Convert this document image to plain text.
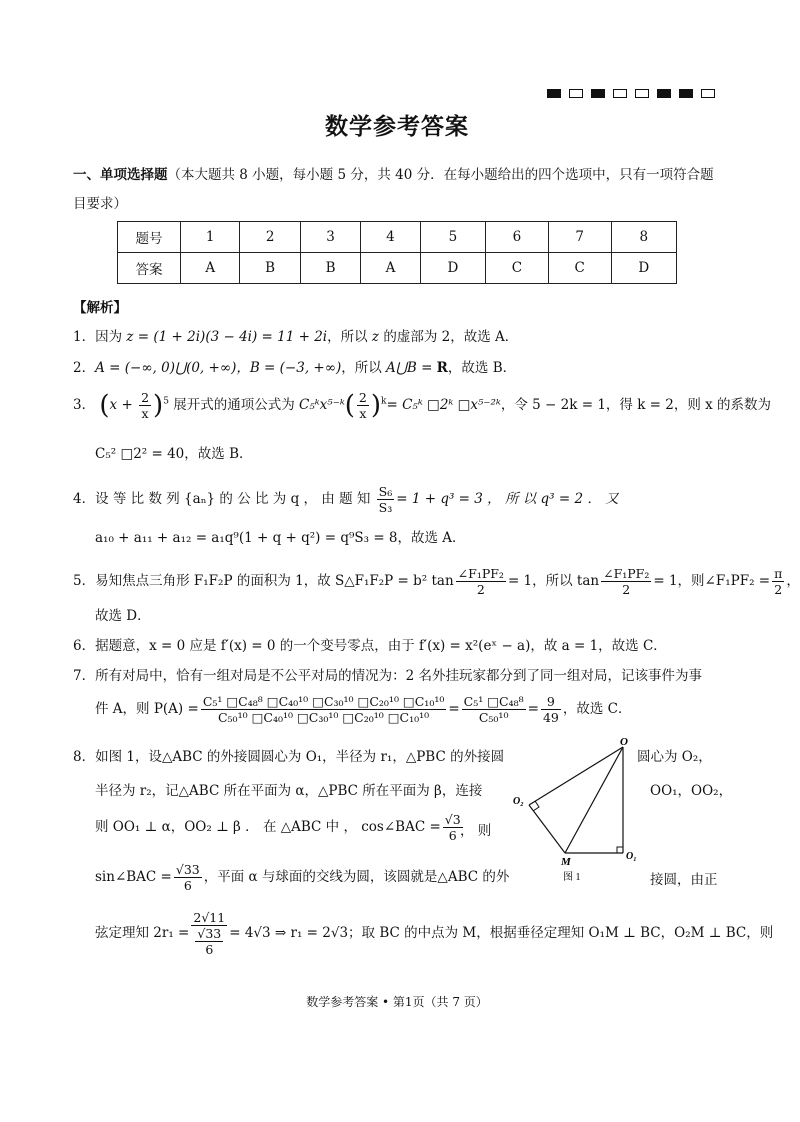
数学参考答案
一、单项选择题（本大题共 8 小题，每小题 5 分，共 40 分．在每小题给出的四个选项中，只有一项符合题目要求）
题号	1	2	3	4	5	6	7	8
答案	A	B	B	A	D	C	C	D
【解析】
1．因为 z = (1 + 2i)(3 − 4i) = 11 + 2i，所以 z 的虚部为 2，故选 A．
2．A = (−∞, 0)⋃(0, +∞)，B = (−3, +∞)，所以 A⋃B = R，故选 B．
3． $(x + \frac{2}{x} )^5$ 展开式的通项公式为 C₅ᵏx⁵⁻ᵏ( $\frac{2}{x} )^k=$ C₅ᵏ □2ᵏ □x⁵⁻²ᵏ，令 5 − 2k = 1，得 k = 2，则 x 的系数为
C₅² □2² = 40，故选 B．
4．设 等 比 数 列 {aₙ} 的 公 比 为 q ， 由 题 知 $\frac{\text{S₆}}{\text{S₃}} = 1 + q^3 = 3$ ， 所 以 q³ = 2 ． 又
a₁₀ + a₁₁ + a₁₂ = a₁q⁹(1 + q + q²) = q⁹S₃ = 8，故选 A．
5．易知焦点三角形 F₁F₂P 的面积为 1，故 S△F₁F₂P = b² $\tan \frac{\text{∠F₁PF₂}}{2} = 1$，所以 $\tan \frac{\text{∠F₁PF₂}}{2} = 1$，则∠F₁PF₂ = $\frac{\pi}{2}$ ，
故选 D．
6．据题意，x = 0 应是 f′(x) = 0 的一个变号零点，由于 f′(x) = x²(eˣ − a)，故 a = 1，故选 C．
7．所有对局中，恰有一组对局是不公平对局的情况为：2 名外挂玩家都分到了同一组对局，记该事件为事
件 A，则 $P(A) = \frac{\text{C₅¹ □C₄₈⁸ □C₄₀¹⁰ □C₃₀¹⁰ □C₂₀¹⁰ □C₁₀¹⁰}}{\text{C₅₀¹⁰ □C₄₀¹⁰ □C₃₀¹⁰ □C₂₀¹⁰ □C₁₀¹⁰}} = \frac{\text{C₅¹ □C₄₈⁸}}{\text{C₅₀¹⁰}} = \frac{9}{49}$ ，故选 C．
8．如图 1，设△ABC 的外接圆圆心为 O₁，半径为 r₁，△PBC 的外接圆	圆心为 O₂，
半径为 r₂，记△ABC 所在平面为 α，△PBC 所在平面为 β，连接	OO₁，OO₂，
则 OO₁ ⊥ α，OO₂ ⊥ β ． 在 △ABC 中 ， cos∠BAC = $\frac{√3}{6}$
， 则
sin∠BAC = $\frac{√33}{6}$ ，平面 α 与球面的交线为圆，该圆就是△ABC 的外	接圆，由正
弦定理知 2r₁ = 2√11
√33
6 = 4√3 ⇒ r₁ = 2√3；取 BC 的中点为 M，根据垂径定理知 O₁M ⊥ BC，O₂M ⊥ BC，则
O
O₁
O₂
M
图 1
数学参考答案 • 第1页（共 7 页）
